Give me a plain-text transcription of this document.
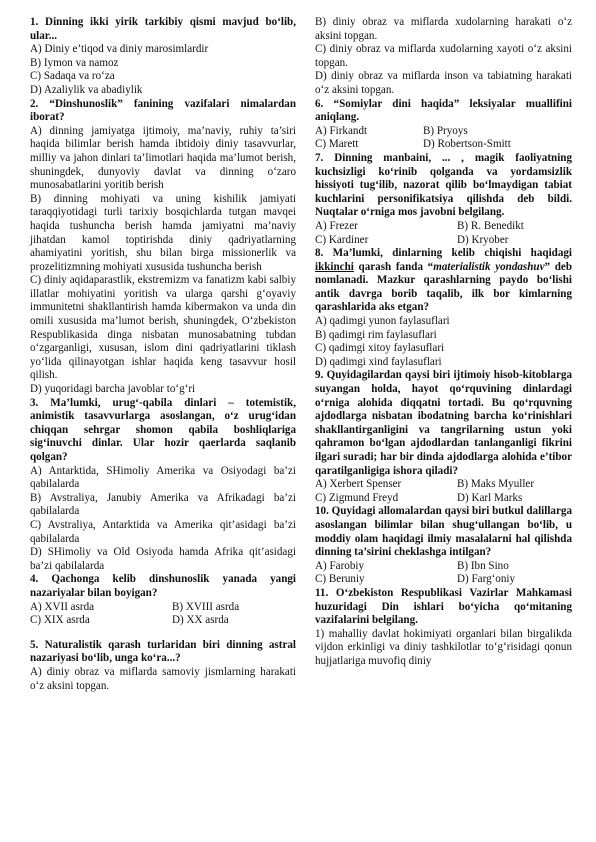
1. Dinning ikki yirik tarkibiy qismi mavjud bo‘lib, ular...

A) Diniy e’tiqod va diniy marosimlardir

B) Iymon va namoz

C) Sadaqa va ro‘za

D) Azaliylik va abadiylik

2. “Dinshunoslik” fanining vazifalari nimalardan iborat?

A) dinning jamiyatga ijtimoiy, ma’naviy, ruhiy ta’siri haqida bilimlar berish hamda ibtidoiy diniy tasavvurlar, milliy va jahon dinlari ta’limotlari haqida ma’lumot berish, shuningdek, dunyoviy davlat va dinning o‘zaro munosabatlarini yoritib berish

B) dinning mohiyati va uning kishilik jamiyati taraqqiyotidagi turli tarixiy bosqichlarda tutgan mavqei haqida tushuncha berish hamda jamiyatni ma’naviy jihatdan kamol toptirishda diniy qadriyatlarning ahamiyatini yoritish, shu bilan birga missionerlik va prozelitizmning mohiyati xususida tushuncha berish

C) diniy aqidaparastlik, ekstremizm va fanatizm kabi salbiy illatlar mohiyatini yoritish va ularga qarshi g‘oyaviy immunitetni shakllantirish hamda kibermakon va unda din omili xususida ma’lumot berish, shuningdek, O‘zbekiston Respublikasida dinga nisbatan munosabatning tubdan o‘zgarganligi, xususan, islom dini qadriyatlarini tiklash yo‘lida qilinayotgan ishlar haqida keng tasavvur hosil qilish.

D) yuqoridagi barcha javoblar to‘g‘ri

3. Ma’lumki, urug‘-qabila dinlari – totemistik, animistik tasavvurlarga asoslangan, o‘z urug‘idan chiqqan sehrgar shomon qabila boshliqlariga sig‘inuvchi dinlar. Ular hozir qaerlarda saqlanib qolgan?

A) Antarktida, SHimoliy Amerika va Osiyodagi ba’zi qabilalarda

B) Avstraliya, Janubiy Amerika va Afrikadagi ba’zi qabilalarda

C) Avstraliya, Antarktida va Amerika qit’asidagi ba’zi qabilalarda

D) SHimoliy va Old Osiyoda hamda Afrika qit’asidagi ba’zi qabilalarda

4. Qachonga kelib dinshunoslik yanada yangi nazariyalar bilan boyigan?

A) XVII asrda	B) XVIII asrda
C) XIX asrda	D) XX asrda

5. Naturalistik qarash turlaridan biri dinning astral nazariyasi bo‘lib, unga ko‘ra...?

A) diniy obraz va miflarda samoviy jismlarning harakati o‘z aksini topgan.

B) diniy obraz va miflarda xudolarning harakati o‘z aksini topgan.

C) diniy obraz va miflarda xudolarning xayoti o‘z aksini topgan.

D) diniy obraz va miflarda inson va tabiatning harakati o‘z aksini topgan.

6. “Somiylar dini haqida” leksiyalar muallifini aniqlang.

A) Firkandt	B) Pryoys
C) Marett	D) Robertson-Smitt

7. Dinning manbaini, ... , magik faoliyatning kuchsizligi ko‘rinib qolganda va yordamsizlik hissiyoti tug‘ilib, nazorat qilib bo‘lmaydigan tabiat kuchlarini personifikatsiya qilishda deb bildi. Nuqtalar o‘rniga mos javobni belgilang.

A) Frezer	B) R. Benedikt
C) Kardiner	D) Kryober

8. Ma’lumki, dinlarning kelib chiqishi haqidagi ikkinchi qarash fanda “materialistik yondashuv” deb nomlanadi. Mazkur qarashlarning paydo bo‘lishi antik davrga borib taqalib, ilk bor kimlarning qarashlarida aks etgan?

A) qadimgi yunon faylasuflari

B) qadimgi rim faylasuflari

C) qadimgi xitoy faylasuflari

D) qadimgi xind faylasuflari

9. Quyidagilardan qaysi biri ijtimoiy hisob-kitoblarga suyangan holda, hayot qo‘rquvining dinlardagi o‘rniga alohida diqqatni tortadi. Bu qo‘rquvning ajdodlarga nisbatan ibodatning barcha ko‘rinishlari shakllantirganligini va tangrilarning ustun yoki qahramon bo‘lgan ajdodlardan tanlanganligi fikrini ilgari suradi; har bir dinda ajdodlarga alohida e’tibor qaratilganligiga ishora qiladi?

A) Xerbert Spenser	B) Maks Myuller
C) Zigmund Freyd	D) Karl Marks

10. Quyidagi allomalardan qaysi biri butkul dalillarga asoslangan bilimlar bilan shug‘ullangan bo‘lib, u moddiy olam haqidagi ilmiy masalalarni hal qilishda dinning ta’sirini cheklashga intilgan?

A) Farobiy	B) Ibn Sino
C) Beruniy	D) Farg‘oniy

11. O‘zbekiston Respublikasi Vazirlar Mahkamasi huzuridagi Din ishlari bo‘yicha qo‘mitaning vazifalarini belgilang.

1) mahalliy davlat hokimiyati organlari bilan birgalikda vijdon erkinligi va diniy tashkilotlar to‘g‘risidagi qonun hujjatlariga muvofiq diniy
